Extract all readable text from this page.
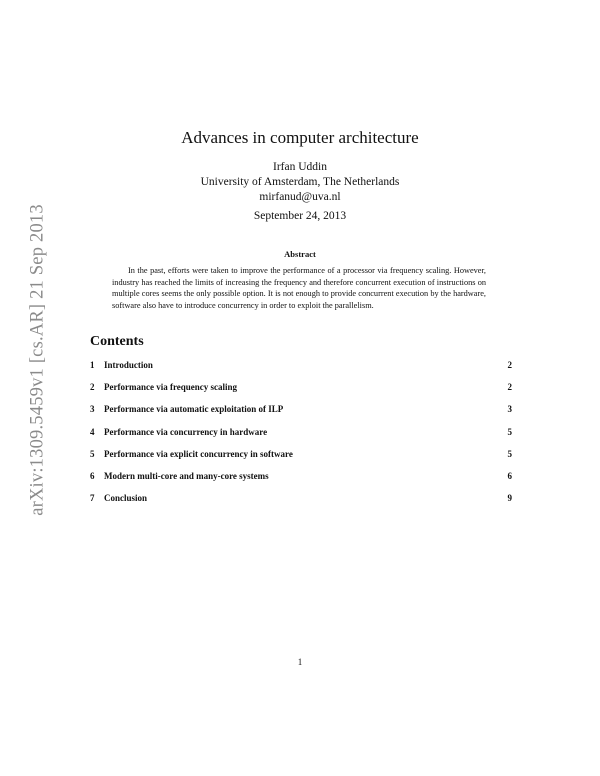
arXiv:1309.5459v1 [cs.AR] 21 Sep 2013
Advances in computer architecture
Irfan Uddin
University of Amsterdam, The Netherlands
mirfanud@uva.nl
September 24, 2013
Abstract
In the past, efforts were taken to improve the performance of a processor via frequency scaling. However, industry has reached the limits of increasing the frequency and therefore concurrent execution of instructions on multiple cores seems the only possible option. It is not enough to provide concurrent execution by the hardware, software also have to introduce concurrency in order to exploit the parallelism.
Contents
1	Introduction	2
2	Performance via frequency scaling	2
3	Performance via automatic exploitation of ILP	3
4	Performance via concurrency in hardware	5
5	Performance via explicit concurrency in software	5
6	Modern multi-core and many-core systems	6
7	Conclusion	9
1
